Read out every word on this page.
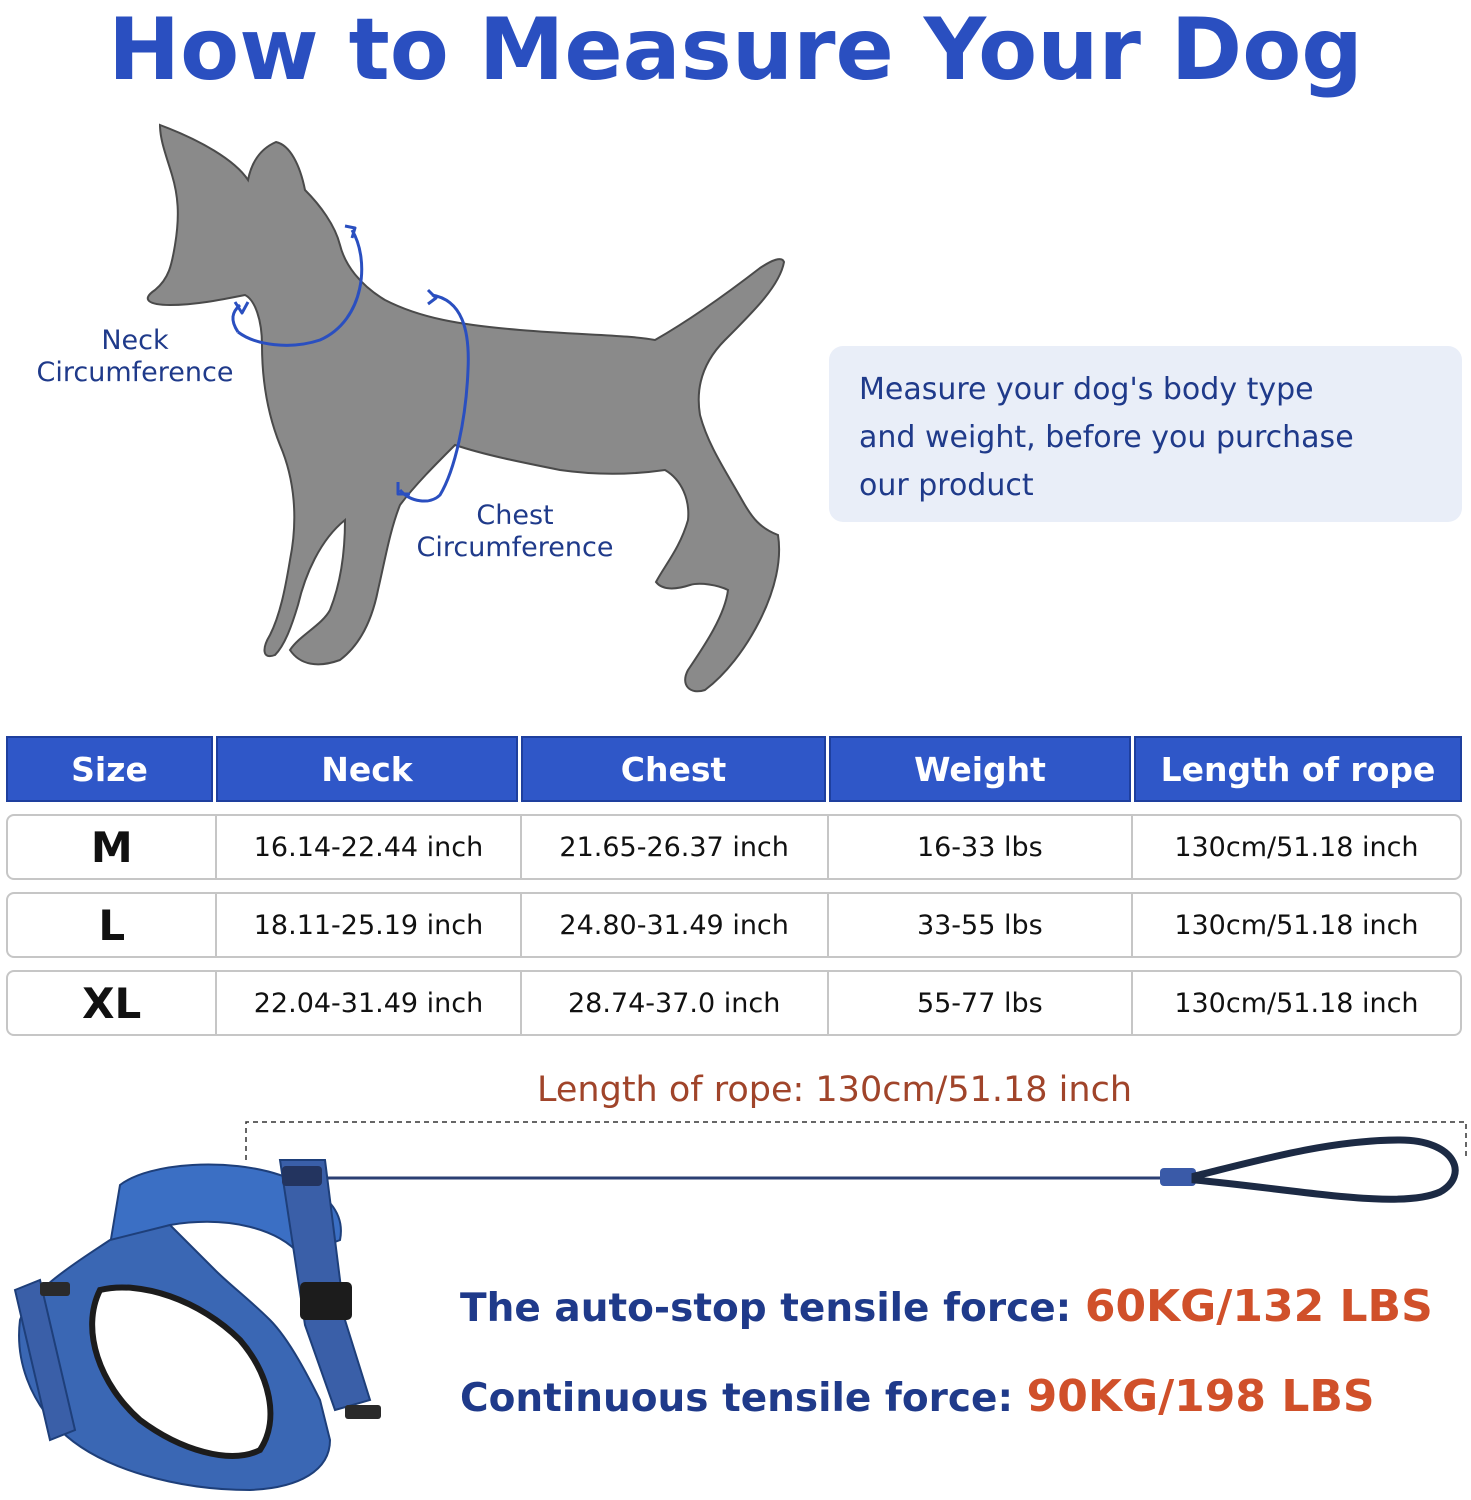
How to Measure Your Dog
Neck
Circumference
Chest
Circumference
Measure your dog's body type
and weight, before you purchase
our product
Size	Neck	Chest	Weight	Length of rope
M	16.14-22.44 inch	21.65-26.37 inch	16-33 lbs	130cm/51.18 inch
L	18.11-25.19 inch	24.80-31.49 inch	33-55 lbs	130cm/51.18 inch
XL	22.04-31.49 inch	28.74-37.0 inch	55-77 lbs	130cm/51.18 inch
Length of rope: 130cm/51.18 inch
The auto-stop tensile force: 60KG/132 LBS
Continuous tensile force: 90KG/198 LBS
